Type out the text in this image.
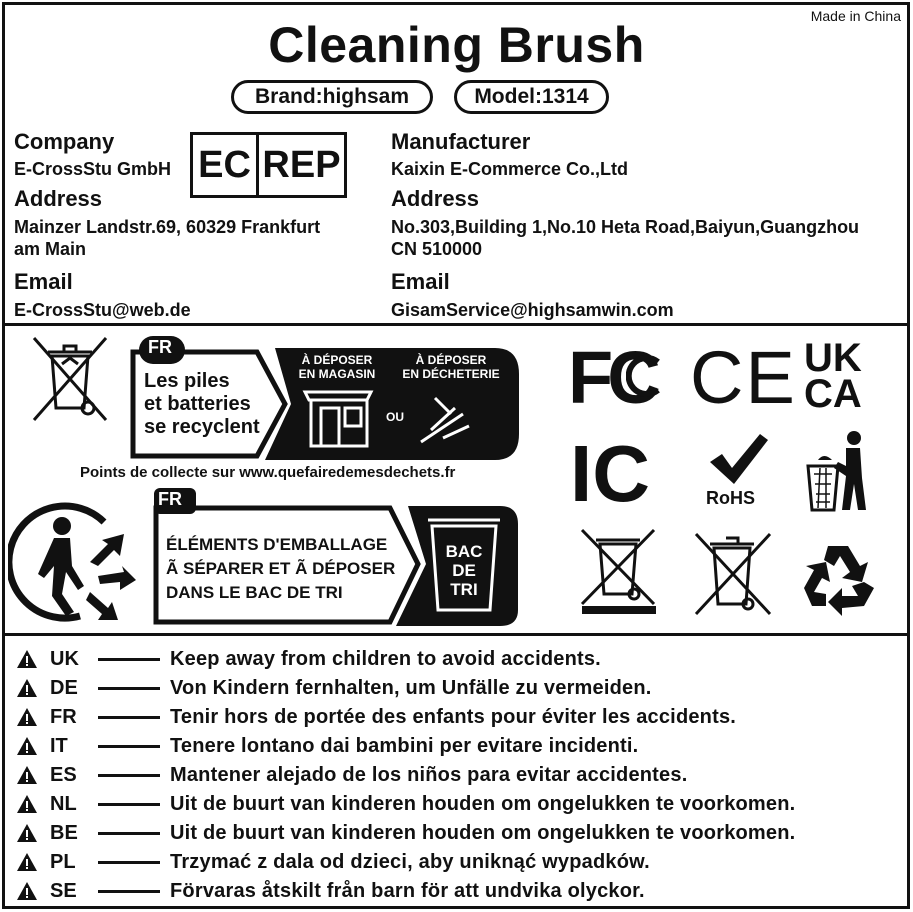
Made in China
Cleaning Brush
Brand:highsam	Model:1314
Company
E-CrossStu GmbH EC REP
Address
Mainzer Landstr.69, 60329 Frankfurt
am Main
Email
E-CrossStu@web.de
Manufacturer
Kaixin E-Commerce Co.,Ltd
Address
No.303,Building 1,No.10 Heta Road,Baiyun,Guangzhou
CN 510000
Email
GisamService@highsamwin.com
FR
Les piles
et batteries
se recyclent
À DÉPOSER
EN MAGASIN
OU
À DÉPOSER
EN DÉCHETERIE
Points de collecte sur www.quefairedemesdechets.fr
FR
ÉLÉMENTS D'EMBALLAGE
Ã SÉPARER ET Ã DÉPOSER
DANS LE BAC DE TRI
BAC
DE
TRI
FC CE UK
CA
IC	RoHS
UK	Keep away from children to avoid accidents.
DE	Von Kindern fernhalten, um Unfälle zu vermeiden.
FR	Tenir hors de portée des enfants pour éviter les accidents.
IT	Tenere lontano dai bambini per evitare incidenti.
ES	Mantener alejado de los niños para evitar accidentes.
NL	Uit de buurt van kinderen houden om ongelukken te voorkomen.
BE	Uit de buurt van kinderen houden om ongelukken te voorkomen.
PL	Trzymać z dala od dzieci, aby uniknąć wypadków.
SE	Förvaras åtskilt från barn för att undvika olyckor.
